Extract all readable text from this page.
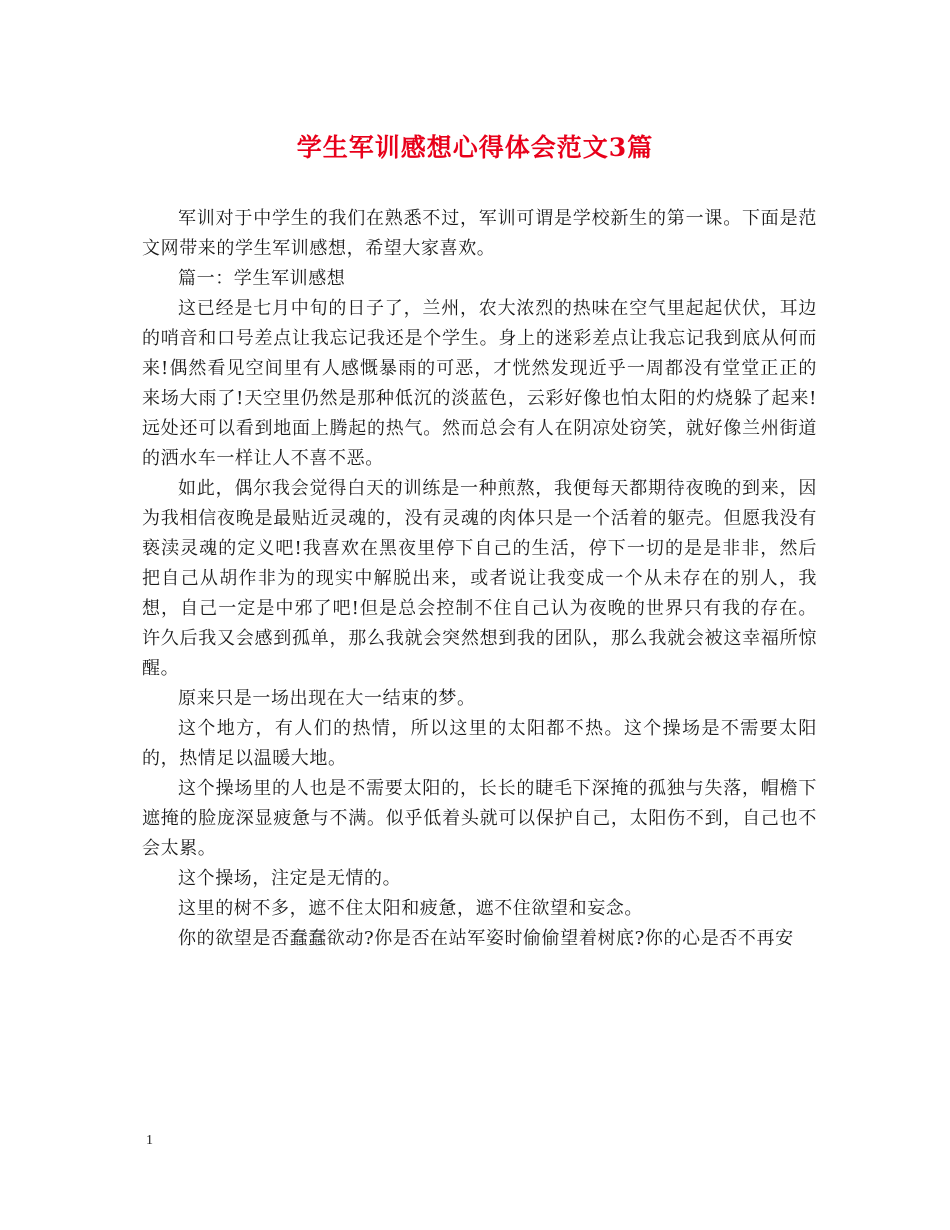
学生军训感想心得体会范文3篇

军训对于中学生的我们在熟悉不过，军训可谓是学校新生的第一课。下面是范文网带来的学生军训感想，希望大家喜欢。

篇一：学生军训感想

这已经是七月中旬的日子了，兰州，农大浓烈的热味在空气里起起伏伏，耳边的哨音和口号差点让我忘记我还是个学生。身上的迷彩差点让我忘记我到底从何而来!偶然看见空间里有人感慨暴雨的可恶，才恍然发现近乎一周都没有堂堂正正的来场大雨了!天空里仍然是那种低沉的淡蓝色，云彩好像也怕太阳的灼烧躲了起来!远处还可以看到地面上腾起的热气。然而总会有人在阴凉处窃笑，就好像兰州街道的洒水车一样让人不喜不恶。

如此，偶尔我会觉得白天的训练是一种煎熬，我便每天都期待夜晚的到来，因为我相信夜晚是最贴近灵魂的，没有灵魂的肉体只是一个活着的躯壳。但愿我没有亵渎灵魂的定义吧!我喜欢在黑夜里停下自己的生活，停下一切的是是非非，然后把自己从胡作非为的现实中解脱出来，或者说让我变成一个从未存在的别人，我想，自己一定是中邪了吧!但是总会控制不住自己认为夜晚的世界只有我的存在。许久后我又会感到孤单，那么我就会突然想到我的团队，那么我就会被这幸福所惊醒。

原来只是一场出现在大一结束的梦。

这个地方，有人们的热情，所以这里的太阳都不热。这个操场是不需要太阳的，热情足以温暖大地。

这个操场里的人也是不需要太阳的，长长的睫毛下深掩的孤独与失落，帽檐下遮掩的脸庞深显疲惫与不满。似乎低着头就可以保护自己，太阳伤不到，自己也不会太累。

这个操场，注定是无情的。

这里的树不多，遮不住太阳和疲惫，遮不住欲望和妄念。

你的欲望是否蠢蠢欲动?你是否在站军姿时偷偷望着树底?你的心是否不再安

1
